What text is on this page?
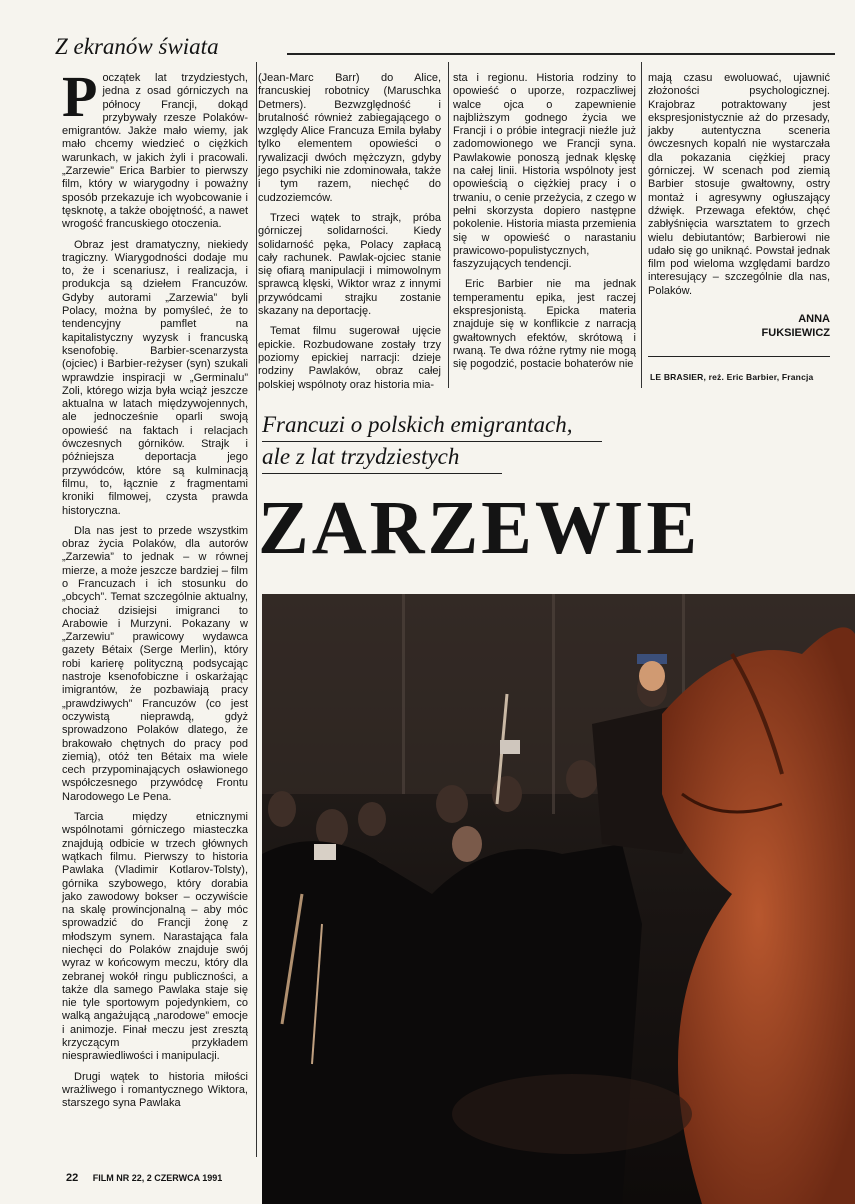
Z ekranów świata

Początek lat trzydziestych, jedna z osad górniczych na północy Francji, dokąd przybywały rzesze Polaków-emigrantów. Jakże mało wiemy, jak mało chcemy wiedzieć o ciężkich warunkach, w jakich żyli i pracowali. „Zarzewie” Erica Barbier to pierwszy film, który w wiarygodny i poważny sposób przekazuje ich wyobcowanie i tęsknotę, a także obojętność, a nawet wrogość francuskiego otoczenia.

Obraz jest dramatyczny, niekiedy tragiczny. Wiarygodności dodaje mu to, że i scenariusz, i realizacja, i produkcja są dziełem Francuzów. Gdyby autorami „Zarzewia” byli Polacy, można by pomyśleć, że to tendencyjny pamflet na kapitalistyczny wyzysk i francuską ksenofobię. Barbier-scenarzysta (ojciec) i Barbier-reżyser (syn) szukali wprawdzie inspiracji w „Germinalu” Zoli, którego wizja była wciąż jeszcze aktualna w latach międzywojennych, ale jednocześnie oparli swoją opowieść na faktach i relacjach ówczesnych górników. Strajk i późniejsza deportacja jego przywódców, które są kulminacją filmu, to, łącznie z fragmentami kroniki filmowej, czysta prawda historyczna.

Dla nas jest to przede wszystkim obraz życia Polaków, dla autorów „Zarzewia” to jednak – w równej mierze, a może jeszcze bardziej – film o Francuzach i ich stosunku do „obcych”. Temat szczególnie aktualny, chociaż dzisiejsi imigranci to Arabowie i Murzyni. Pokazany w „Zarzewiu” prawicowy wydawca gazety Bétaix (Serge Merlin), który robi karierę polityczną podsycając nastroje ksenofobiczne i oskarżając imigrantów, że pozbawiają pracy „prawdziwych” Francuzów (co jest oczywistą nieprawdą, gdyż sprowadzono Polaków dlatego, że brakowało chętnych do pracy pod ziemią), otóż ten Bétaix ma wiele cech przypominających osławionego współczesnego przywódcę Frontu Narodowego Le Pena.

Tarcia między etnicznymi wspólnotami górniczego miasteczka znajdują odbicie w trzech głównych wątkach filmu. Pierwszy to historia Pawlaka (Vladimir Kotlarov-Tolsty), górnika szybowego, który dorabia jako zawodowy bokser – oczywiście na skalę prowincjonalną – aby móc sprowadzić do Francji żonę z młodszym synem. Narastająca fala niechęci do Polaków znajduje swój wyraz w końcowym meczu, który dla zebranej wokół ringu publiczności, a także dla samego Pawlaka staje się nie tyle sportowym pojedynkiem, co walką angażującą „narodowe” emocje i animozje. Finał meczu jest zresztą krzyczącym przykładem niesprawiedliwości i manipulacji.

Drugi wątek to historia miłości wrażliwego i romantycznego Wiktora, starszego syna Pawlaka

(Jean-Marc Barr) do Alice, francuskiej robotnicy (Maruschka Detmers). Bezwzględność i brutalność również zabiegającego o względy Alice Francuza Emila byłaby tylko elementem opowieści o rywalizacji dwóch mężczyzn, gdyby jego psychiki nie zdominowała, także i tym razem, niechęć do cudzoziemców.

Trzeci wątek to strajk, próba górniczej solidarności. Kiedy solidarność pęka, Polacy zapłacą cały rachunek. Pawlak-ojciec stanie się ofiarą manipulacji i mimowolnym sprawcą klęski, Wiktor wraz z innymi przywódcami strajku zostanie skazany na deportację.

Temat filmu sugerował ujęcie epickie. Rozbudowane zostały trzy poziomy epickiej narracji: dzieje rodziny Pawlaków, obraz całej polskiej wspólnoty oraz historia mia-

sta i regionu. Historia rodziny to opowieść o uporze, rozpaczliwej walce ojca o zapewnienie najbliższym godnego życia we Francji i o próbie integracji nieźle już zadomowionego we Francji syna. Pawlakowie ponoszą jednak klęskę na całej linii. Historia wspólnoty jest opowieścią o ciężkiej pracy i o trwaniu, o cenie przeżycia, z czego w pełni skorzysta dopiero następne pokolenie. Historia miasta przemienia się w opowieść o narastaniu prawicowo-populistycznych, faszyzujących tendencji.

Eric Barbier nie ma jednak temperamentu epika, jest raczej ekspresjonistą. Epicka materia znajduje się w konflikcie z narracją gwałtownych efektów, skrótową i rwaną. Te dwa różne rytmy nie mogą się pogodzić, postacie bohaterów nie

mają czasu ewoluować, ujawnić złożoności psychologicznej. Krajobraz potraktowany jest ekspresjonistycznie aż do przesady, jakby autentyczna sceneria ówczesnych kopalń nie wystarczała dla pokazania ciężkiej pracy górniczej. W scenach pod ziemią Barbier stosuje gwałtowny, ostry montaż i agresywny ogłuszający dźwięk. Przewaga efektów, chęć zabłyśnięcia warsztatem to grzech wielu debiutantów; Barbierowi nie udało się go uniknąć. Powstał jednak film pod wieloma względami bardzo interesujący – szczególnie dla nas, Polaków.

ANNA
FUKSIEWICZ
LE BRASIER, reż. Eric Barbier, Francja
Francuzi o polskich emigrantach,
ale z lat trzydziestych
ZARZEWIE
22 FILM NR 22, 2 CZERWCA 1991
